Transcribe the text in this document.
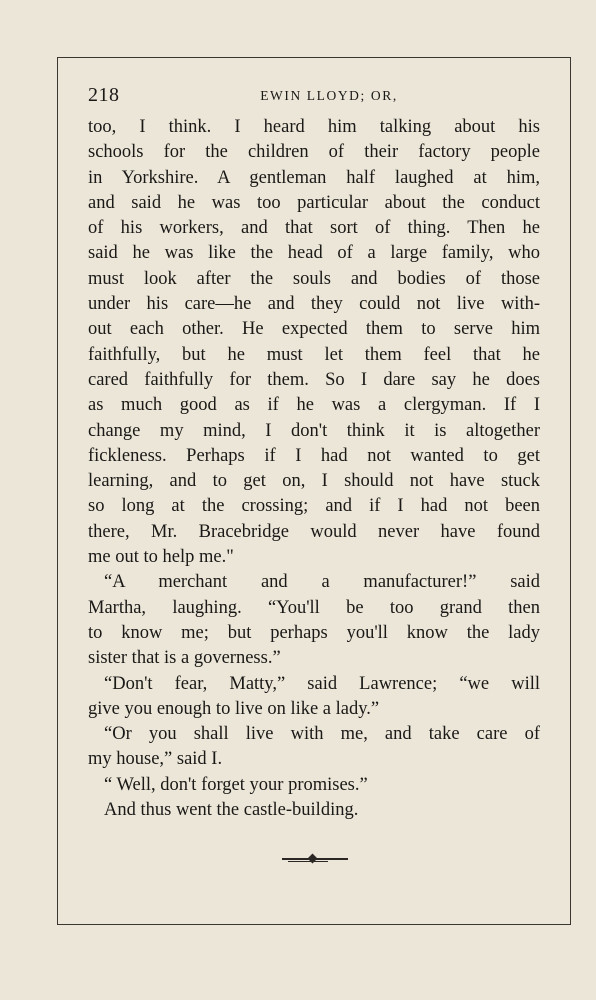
218	EWIN LLOYD; OR,
too, I think. I heard him talking about his
schools for the children of their factory people
in Yorkshire. A gentleman half laughed at him,
and said he was too particular about the conduct
of his workers, and that sort of thing. Then he
said he was like the head of a large family, who
must look after the souls and bodies of those
under his care—he and they could not live with-
out each other. He expected them to serve him
faithfully, but he must let them feel that he
cared faithfully for them. So I dare say he does
as much good as if he was a clergyman. If I
change my mind, I don't think it is altogether
fickleness. Perhaps if I had not wanted to get
learning, and to get on, I should not have stuck
so long at the crossing; and if I had not been
there, Mr. Bracebridge would never have found
me out to help me."
“A merchant and a manufacturer!” said
Martha, laughing. “You'll be too grand then
to know me; but perhaps you'll know the lady
sister that is a governess.”
“Don't fear, Matty,” said Lawrence; “we will
give you enough to live on like a lady.”
“Or you shall live with me, and take care of
my house,” said I.
“ Well, don't forget your promises.”
And thus went the castle-building.
